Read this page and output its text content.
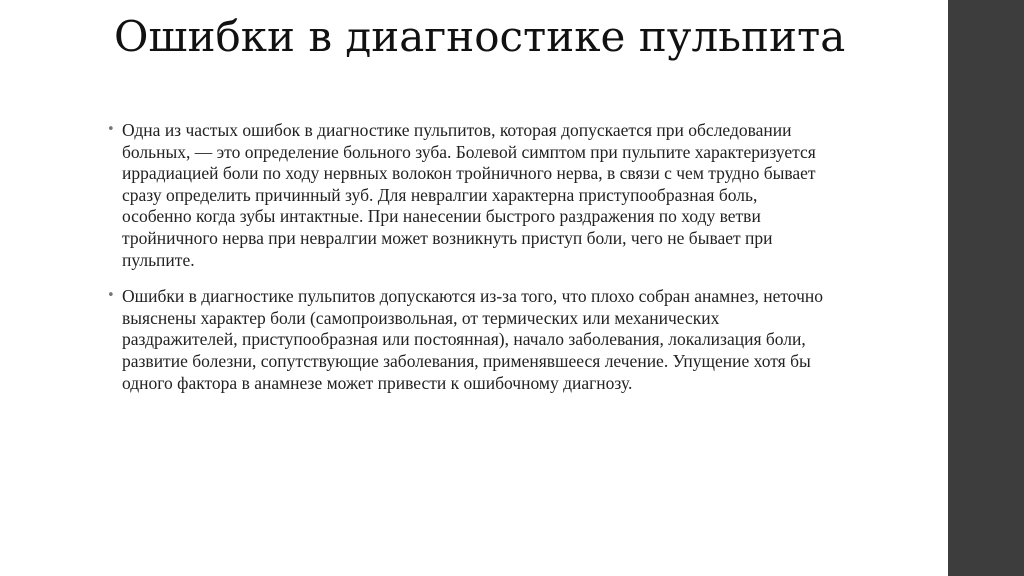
Ошибки в диагностике пульпита
• Одна из частых ошибок в диагностике пульпитов, которая допускается при обследовании больных, — это определение больного зуба. Болевой симптом при пульпите характеризуется иррадиацией боли по ходу нервных волокон тройничного нерва, в связи с чем трудно бывает сразу определить причинный зуб. Для невралгии характерна приступообразная боль, особенно когда зубы интактные. При нанесении быстрого раздражения по ходу ветви тройничного нерва при невралгии может возникнуть приступ боли, чего не бывает при пульпите.
• Ошибки в диагностике пульпитов допускаются из-за того, что плохо собран анамнез, неточно выяснены характер боли (самопроизвольная, от термических или механических раздражителей, приступообразная или постоянная), начало заболевания, локализация боли, развитие болезни, сопутствующие заболевания, применявшееся лечение. Упущение хотя бы одного фактора в анамнезе может привести к ошибочному диагнозу.
